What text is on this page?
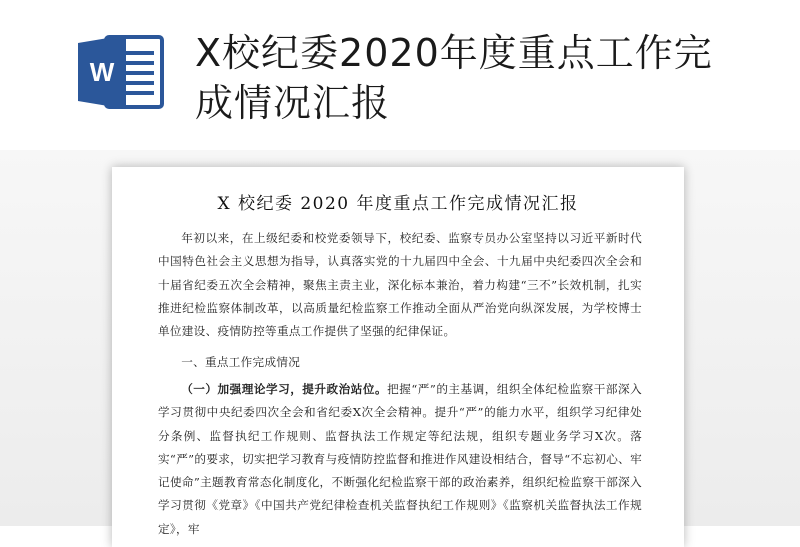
W X校纪委2020年度重点工作完成情况汇报
X 校纪委 2020 年度重点工作完成情况汇报
年初以来，在上级纪委和校党委领导下，校纪委、监察专员办公室坚持以习近平新时代中国特色社会主义思想为指导，认真落实党的十九届四中全会、十九届中央纪委四次全会和十届省纪委五次全会精神，聚焦主责主业，深化标本兼治，着力构建“三不”长效机制，扎实推进纪检监察体制改革，以高质量纪检监察工作推动全面从严治党向纵深发展，为学校博士单位建设、疫情防控等重点工作提供了坚强的纪律保证。
一、重点工作完成情况
（一）加强理论学习，提升政治站位。把握“严”的主基调，组织全体纪检监察干部深入学习贯彻中央纪委四次全会和省纪委X次全会精神。提升“严”的能力水平，组织学习纪律处分条例、监督执纪工作规则、监督执法工作规定等纪法规，组织专题业务学习X次。落实“严”的要求，切实把学习教育与疫情防控监督和推进作风建设相结合，督导“不忘初心、牢记使命”主题教育常态化制度化，不断强化纪检监察干部的政治素养，组织纪检监察干部深入学习贯彻《党章》《中国共产党纪律检查机关监督执纪工作规则》《监察机关监督执法工作规定》，牢
